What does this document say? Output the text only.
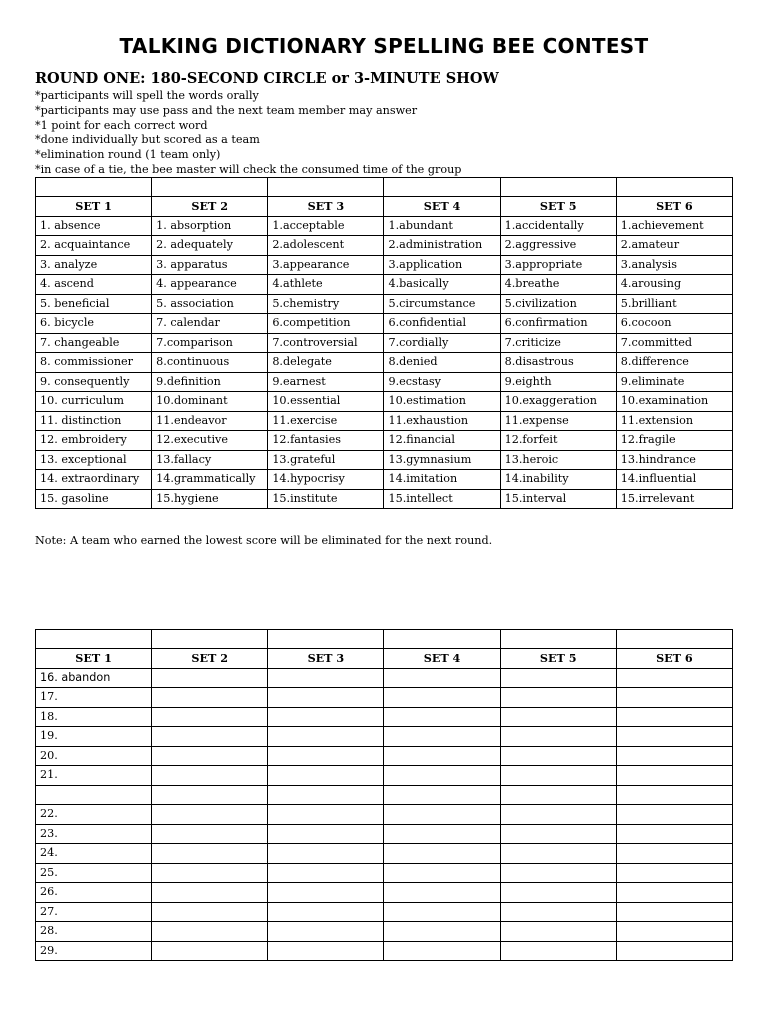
TALKING DICTIONARY SPELLING BEE CONTEST
ROUND ONE: 180-SECOND CIRCLE or 3-MINUTE SHOW
*participants will spell the words orally
*participants may use pass and the next team member may answer
*1 point for each correct word
*done individually but scored as a team
*elimination round (1 team only)
*in case of a tie, the bee master will check the consumed time of the group

SET 1	SET 2	SET 3	SET 4	SET 5	SET 6
1. absence	1. absorption	1.acceptable	1.abundant	1.accidentally	1.achievement
2. acquaintance	2. adequately	2.adolescent	2.administration	2.aggressive	2.amateur
3. analyze	3. apparatus	3.appearance	3.application	3.appropriate	3.analysis
4. ascend	4. appearance	4.athlete	4.basically	4.breathe	4.arousing
5. beneficial	5. association	5.chemistry	5.circumstance	5.civilization	5.brilliant
6. bicycle	7. calendar	6.competition	6.confidential	6.confirmation	6.cocoon
7. changeable	7.comparison	7.controversial	7.cordially	7.criticize	7.committed
8. commissioner	8.continuous	8.delegate	8.denied	8.disastrous	8.difference
9. consequently	9.definition	9.earnest	9.ecstasy	9.eighth	9.eliminate
10. curriculum	10.dominant	10.essential	10.estimation	10.exaggeration	10.examination
11. distinction	11.endeavor	11.exercise	11.exhaustion	11.expense	11.extension
12. embroidery	12.executive	12.fantasies	12.financial	12.forfeit	12.fragile
13. exceptional	13.fallacy	13.grateful	13.gymnasium	13.heroic	13.hindrance
14. extraordinary	14.grammatically	14.hypocrisy	14.imitation	14.inability	14.influential
15. gasoline	15.hygiene	15.institute	15.intellect	15.interval	15.irrelevant
Note: A team who earned the lowest score will be eliminated for the next round.

SET 1	SET 2	SET 3	SET 4	SET 5	SET 6
16. abandon					
17.					
18.					
19.					
20.					
21.					

22.					
23.					
24.					
25.					
26.					
27.					
28.					
29.					
